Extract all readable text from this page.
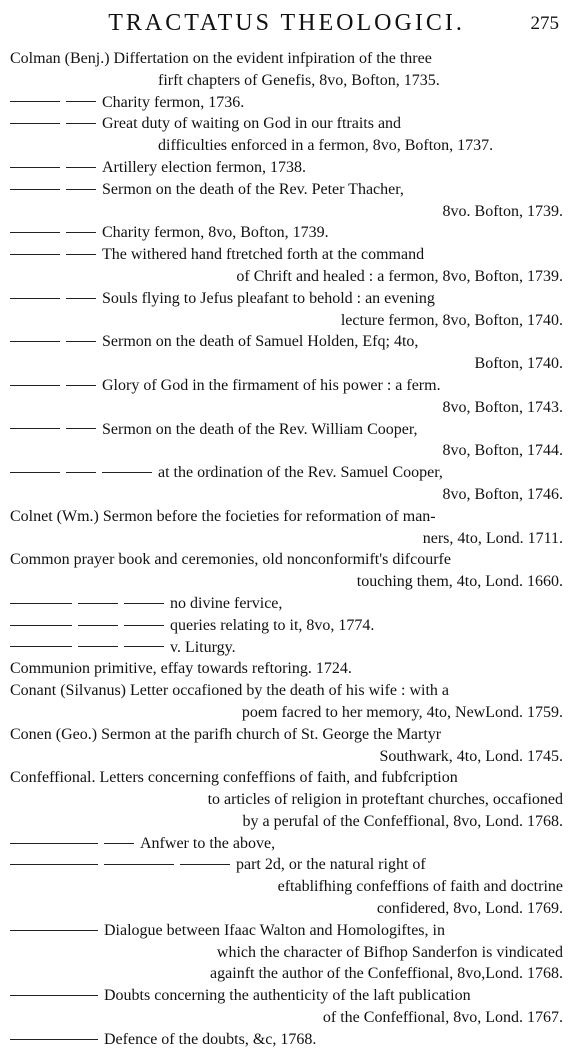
TRACTATUS THEOLOGICI.	275
Colman (Benj.) Differtation on the evident infpiration of the three
firft chapters of Genefis, 8vo, Bofton, 1735.
Charity fermon, 1736.
Great duty of waiting on God in our ftraits and
difficulties enforced in a fermon, 8vo, Bofton, 1737.
Artillery election fermon, 1738.
Sermon on the death of the Rev. Peter Thacher,
8vo. Bofton, 1739.
Charity fermon, 8vo, Bofton, 1739.
The withered hand ftretched forth at the command
of Chrift and healed : a fermon, 8vo, Bofton, 1739.
Souls flying to Jefus pleafant to behold : an evening
lecture fermon, 8vo, Bofton, 1740.
Sermon on the death of Samuel Holden, Efq; 4to,
Bofton, 1740.
Glory of God in the firmament of his power : a ferm.
8vo, Bofton, 1743.
Sermon on the death of the Rev. William Cooper,
8vo, Bofton, 1744.
at the ordination of the Rev. Samuel Cooper,
8vo, Bofton, 1746.
Colnet (Wm.) Sermon before the focieties for reformation of man-
ners, 4to, Lond. 1711.
Common prayer book and ceremonies, old nonconformift's difcourfe
touching them, 4to, Lond. 1660.
no divine fervice,
queries relating to it, 8vo, 1774.
v. Liturgy.
Communion primitive, effay towards reftoring. 1724.
Conant (Silvanus) Letter occafioned by the death of his wife : with a
poem facred to her memory, 4to, NewLond. 1759.
Conen (Geo.) Sermon at the parifh church of St. George the Martyr
Southwark, 4to, Lond. 1745.
Confeffional. Letters concerning confeffions of faith, and fubfcription
to articles of religion in proteftant churches, occafioned
by a perufal of the Confeffional, 8vo, Lond. 1768.
Anfwer to the above,
part 2d, or the natural right of
eftablifhing confeffions of faith and doctrine
confidered, 8vo, Lond. 1769.
Dialogue between Ifaac Walton and Homologiftes, in
which the character of Bifhop Sanderfon is vindicated
againft the author of the Confeffional, 8vo,Lond. 1768.
Doubts concerning the authenticity of the laft publication
of the Confeffional, 8vo, Lond. 1767.
Defence of the doubts, &c, 1768.
